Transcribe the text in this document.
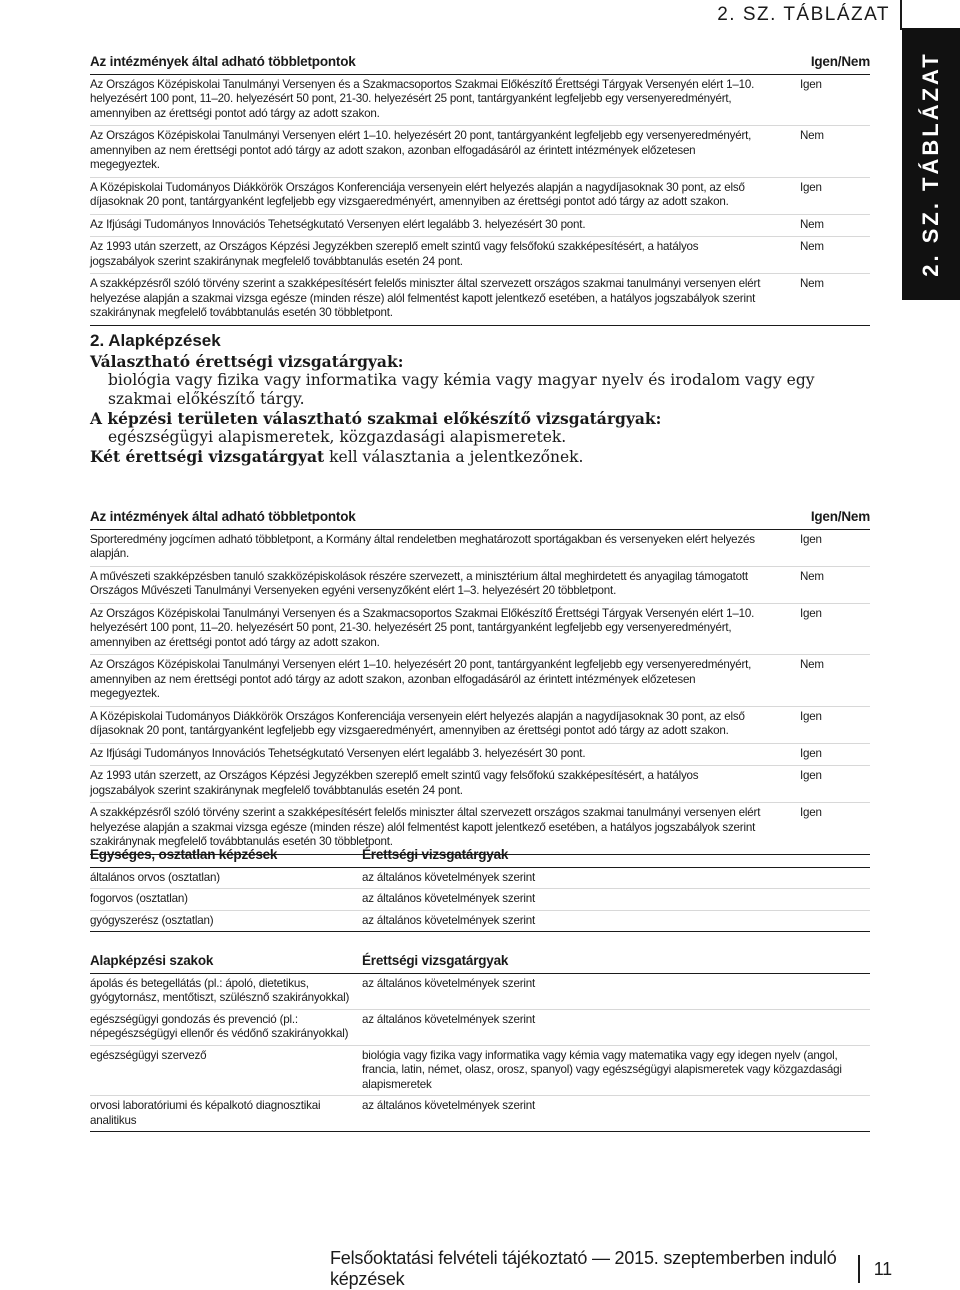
2. SZ. TÁBLÁZAT
2. SZ. TÁBLÁZAT
Az intézmények által adható többletpontok	Igen/Nem
Az Országos Középiskolai Tanulmányi Versenyen és a Szakmacsoportos Szakmai Előkészítő Érettségi Tárgyak Versenyén elért 1–10. helyezésért 100 pont, 11–20. helyezésért 50 pont, 21-30. helyezésért 25 pont, tantárgyanként legfeljebb egy versenyeredményért, amennyiben az érettségi pontot adó tárgy az adott szakon.	Igen
Az Országos Középiskolai Tanulmányi Versenyen elért 1–10. helyezésért 20 pont, tantárgyanként legfeljebb egy versenyeredményért, amennyiben az nem érettségi pontot adó tárgy az adott szakon, azonban elfogadásáról az érintett intézmények előzetesen megegyeztek.	Nem
A Középiskolai Tudományos Diákkörök Országos Konferenciája versenyein elért helyezés alapján a nagydíjasoknak 30 pont, az első díjasoknak 20 pont, tantárgyanként legfeljebb egy vizsgaeredményért, amennyiben az érettségi pontot adó tárgy az adott szakon.	Igen
Az Ifjúsági Tudományos Innovációs Tehetségkutató Versenyen elért legalább 3. helyezésért 30 pont.	Nem
Az 1993 után szerzett, az Országos Képzési Jegyzékben szereplő emelt szintű vagy felsőfokú szakképesítésért, a hatályos jogszabályok szerint szakiránynak megfelelő továbbtanulás esetén 24 pont.	Nem
A szakképzésről szóló törvény szerint a szakképesítésért felelős miniszter által szervezett országos szakmai tanulmányi versenyen elért helyezése alapján a szakmai vizsga egésze (minden része) alól felmentést kapott jelentkező esetében, a hatályos jogszabályok szerint szakiránynak megfelelő továbbtanulás esetén 30 többletpont.	Nem
2. Alapképzések
Választható érettségi vizsgatárgyak:
biológia vagy fizika vagy informatika vagy kémia vagy magyar nyelv és irodalom vagy egy szakmai előkészítő tárgy.
A képzési területen választható szakmai előkészítő vizsgatárgyak:
egészségügyi alapismeretek, közgazdasági alapismeretek.
Két érettségi vizsgatárgyat kell választania a jelentkezőnek.
Az intézmények által adható többletpontok	Igen/Nem
Sporteredmény jogcímen adható többletpont, a Kormány által rendeletben meghatározott sportágakban és versenyeken elért helyezés alapján.	Igen
A művészeti szakképzésben tanuló szakközépiskolások részére szervezett, a minisztérium által meghirdetett és anyagilag támogatott Országos Művészeti Tanulmányi Versenyeken egyéni versenyzőként elért 1–3. helyezésért 20 többletpont.	Nem
Az Országos Középiskolai Tanulmányi Versenyen és a Szakmacsoportos Szakmai Előkészítő Érettségi Tárgyak Versenyén elért 1–10. helyezésért 100 pont, 11–20. helyezésért 50 pont, 21-30. helyezésért 25 pont, tantárgyanként legfeljebb egy versenyeredményért, amennyiben az érettségi pontot adó tárgy az adott szakon.	Igen
Az Országos Középiskolai Tanulmányi Versenyen elért 1–10. helyezésért 20 pont, tantárgyanként legfeljebb egy versenyeredményért, amennyiben az nem érettségi pontot adó tárgy az adott szakon, azonban elfogadásáról az érintett intézmények előzetesen megegyeztek.	Nem
A Középiskolai Tudományos Diákkörök Országos Konferenciája versenyein elért helyezés alapján a nagydíjasoknak 30 pont, az első díjasoknak 20 pont, tantárgyanként legfeljebb egy vizsgaeredményért, amennyiben az érettségi pontot adó tárgy az adott szakon.	Igen
Az Ifjúsági Tudományos Innovációs Tehetségkutató Versenyen elért legalább 3. helyezésért 30 pont.	Igen
Az 1993 után szerzett, az Országos Képzési Jegyzékben szereplő emelt szintű vagy felsőfokú szakképesítésért, a hatályos jogszabályok szerint szakiránynak megfelelő továbbtanulás esetén 24 pont.	Igen
A szakképzésről szóló törvény szerint a szakképesítésért felelős miniszter által szervezett országos szakmai tanulmányi versenyen elért helyezése alapján a szakmai vizsga egésze (minden része) alól felmentést kapott jelentkező esetében, a hatályos jogszabályok szerint szakiránynak megfelelő továbbtanulás esetén 30 többletpont.	Igen
Egységes, osztatlan képzések	Érettségi vizsgatárgyak
általános orvos (osztatlan)	az általános követelmények szerint
fogorvos (osztatlan)	az általános követelmények szerint
gyógyszerész (osztatlan)	az általános követelmények szerint
Alapképzési szakok	Érettségi vizsgatárgyak
ápolás és betegellátás (pl.: ápoló, dietetikus, gyógytornász, mentőtiszt, szülésznő szakirányokkal)	az általános követelmények szerint
egészségügyi gondozás és prevenció (pl.: népegészségügyi ellenőr és védőnő szakirányokkal)	az általános követelmények szerint
egészségügyi szervező	biológia vagy fizika vagy informatika vagy kémia vagy matematika vagy egy idegen nyelv (angol, francia, latin, német, olasz, orosz, spanyol) vagy egészségügyi alapismeretek vagy közgazdasági alapismeretek
orvosi laboratóriumi és képalkotó diagnosztikai analitikus	az általános követelmények szerint
Felsőoktatási felvételi tájékoztató — 2015. szeptemberben induló képzések
11
